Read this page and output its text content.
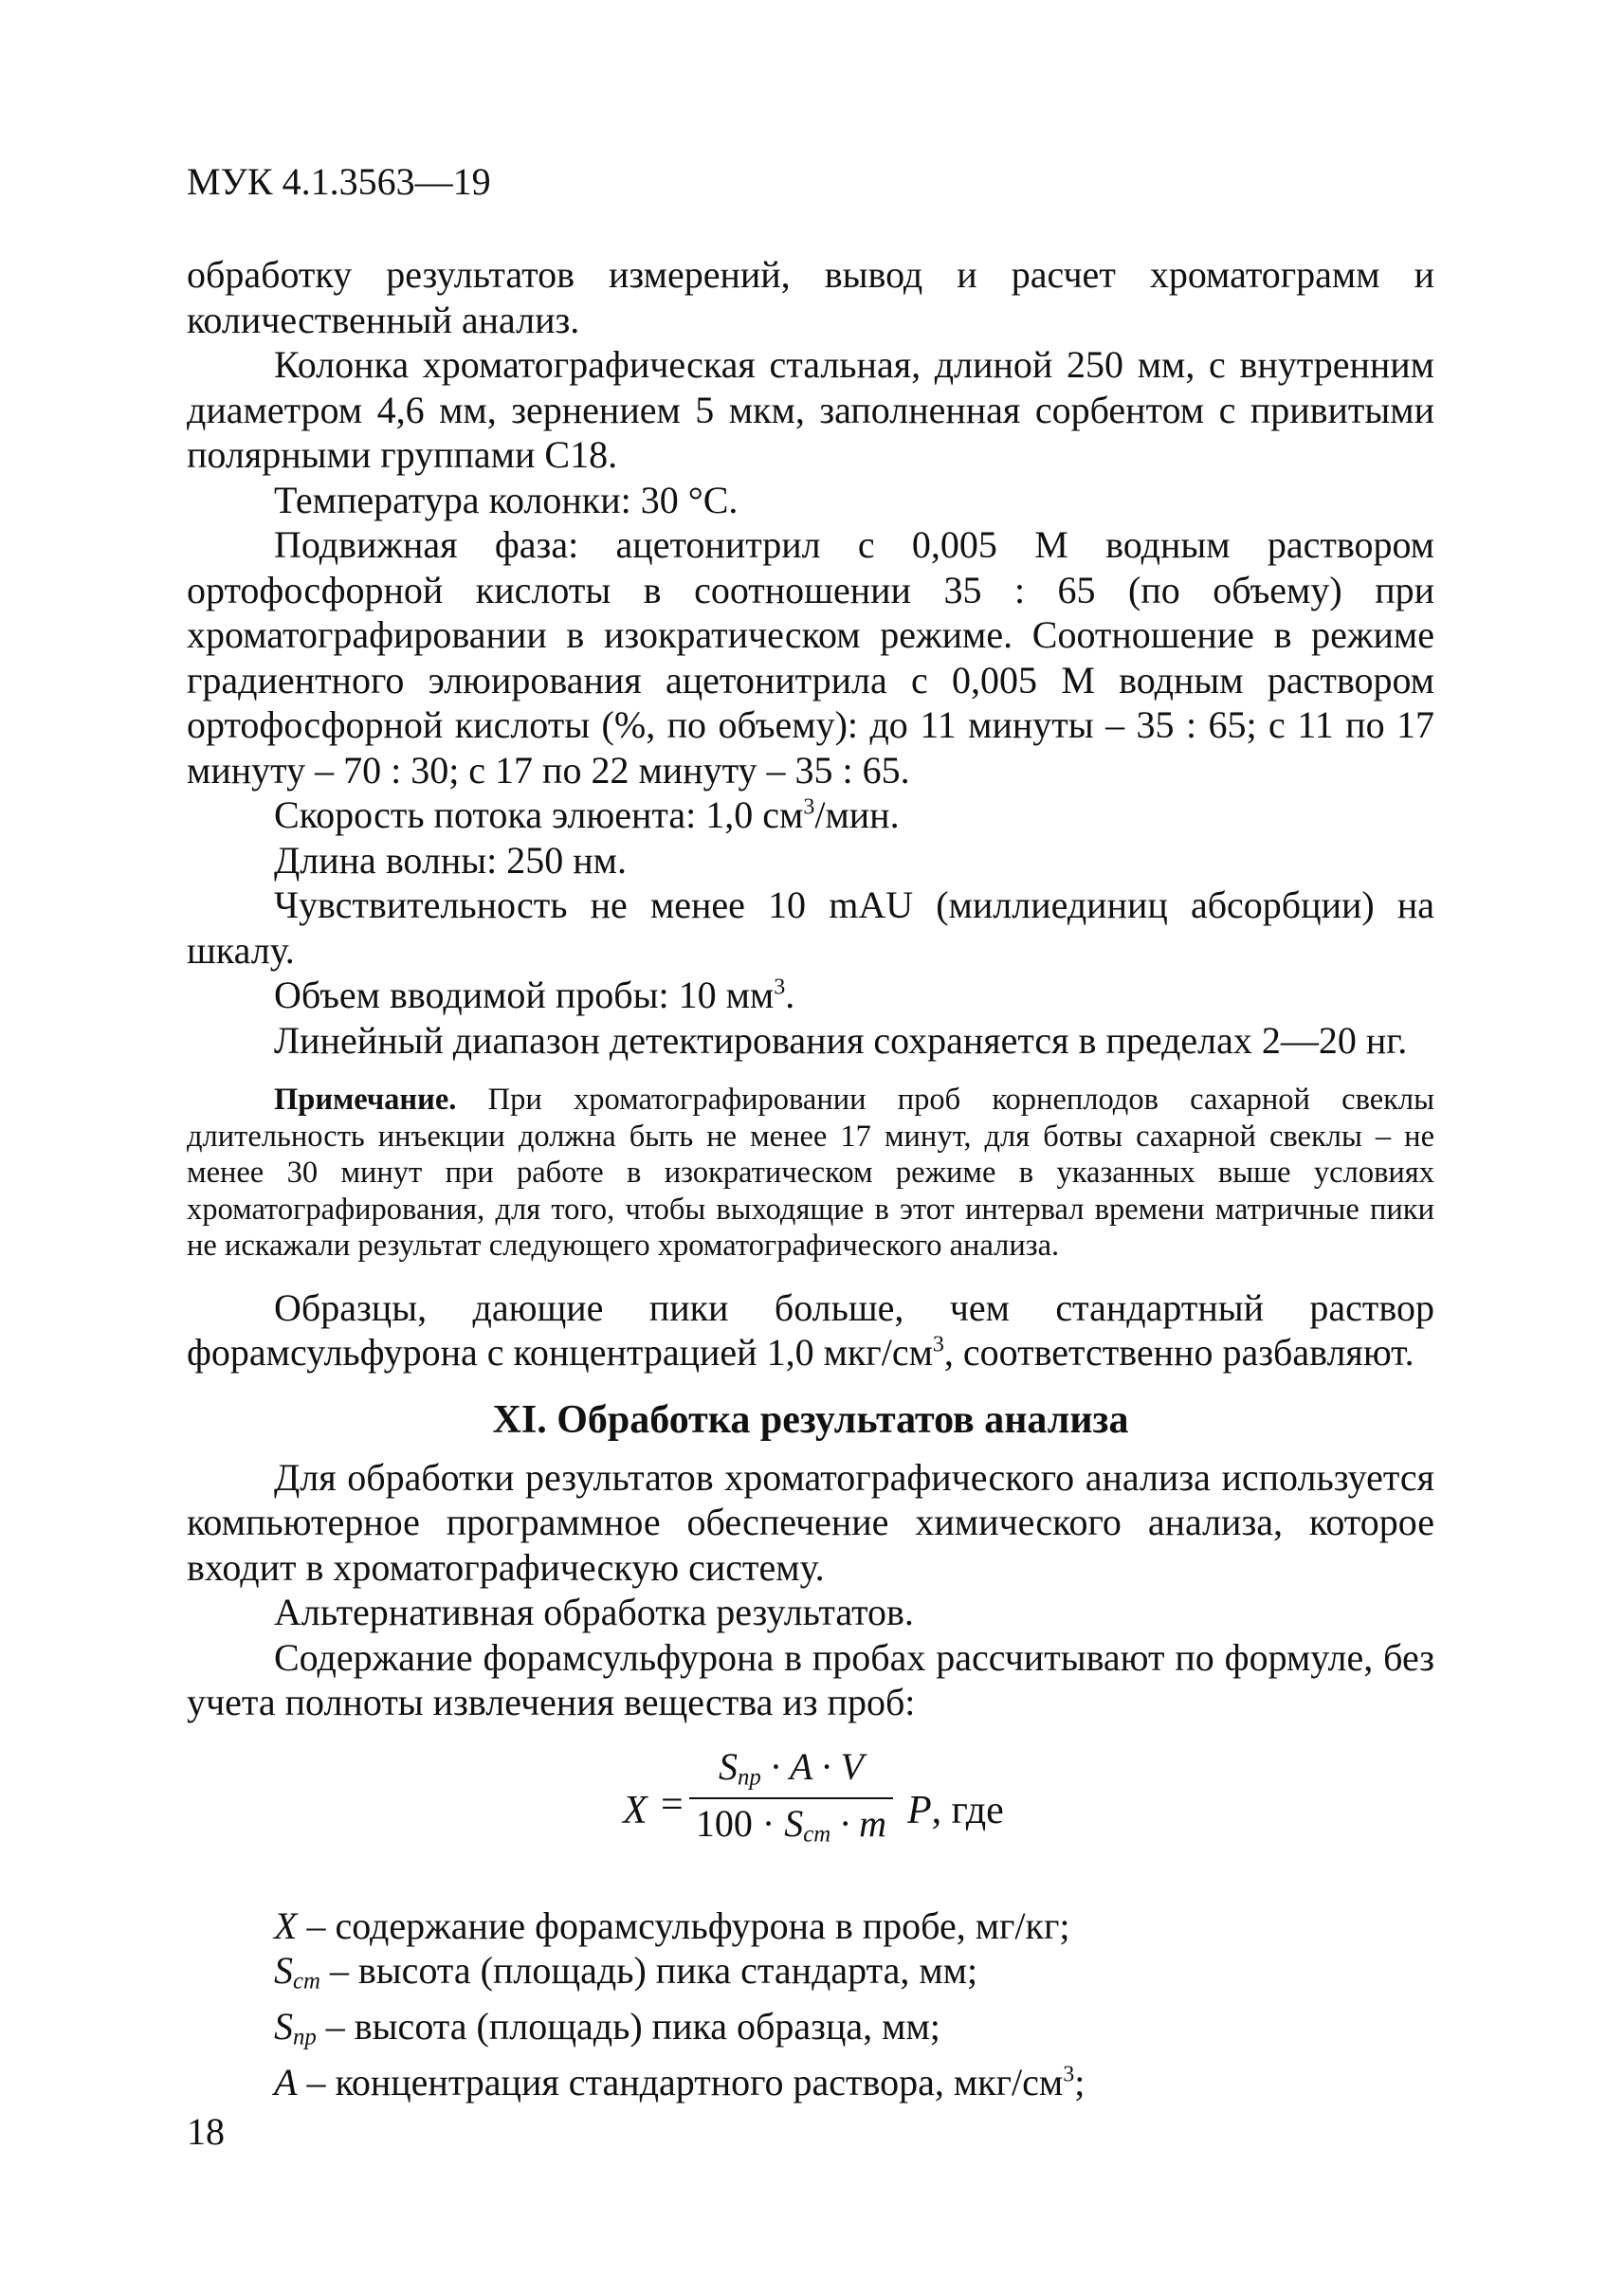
МУК 4.1.3563—19

обработку результатов измерений, вывод и расчет хроматограмм и количественный анализ.

Колонка хроматографическая стальная, длиной 250 мм, с внутренним диаметром 4,6 мм, зернением 5 мкм, заполненная сорбентом с привитыми полярными группами С18.

Температура колонки: 30 °С.

Подвижная фаза: ацетонитрил с 0,005 М водным раствором ортофосфорной кислоты в соотношении 35 : 65 (по объему) при хроматографировании в изократическом режиме. Соотношение в режиме градиентного элюирования ацетонитрила с 0,005 М водным раствором ортофосфорной кислоты (%, по объему): до 11 минуты – 35 : 65; с 11 по 17 минуту – 70 : 30; с 17 по 22 минуту – 35 : 65.

Скорость потока элюента: 1,0 $см^3$/мин.

Длина волны: 250 нм.

Чувствительность не менее 10 mAU (миллиединиц абсорбции) на шкалу.

Объем вводимой пробы: 10 $мм^3$.

Линейный диапазон детектирования сохраняется в пределах 2—20 нг.

Примечание. При хроматографировании проб корнеплодов сахарной свеклы длительность инъекции должна быть не менее 17 минут, для ботвы сахарной свеклы – не менее 30 минут при работе в изократическом режиме в указанных выше условиях хроматографирования, для того, чтобы выходящие в этот интервал времени матричные пики не искажали результат следующего хроматографического анализа.

Образцы, дающие пики больше, чем стандартный раствор форамсульфурона с концентрацией 1,0 мкг/$см^3$, соответственно разбавляют.

XI. Обработка результатов анализа

Для обработки результатов хроматографического анализа используется компьютерное программное обеспечение химического анализа, которое входит в хроматографическую систему.

Альтернативная обработка результатов.

Содержание форамсульфурона в пробах рассчитывают по формуле, без учета полноты извлечения вещества из проб:

X =
$S_{пр} \cdot A \cdot V$
$100 \cdot S_{ст} \cdot m$ P, где

X – содержание форамсульфурона в пробе, мг/кг;

$S_{ст}$ – высота (площадь) пика стандарта, мм;

$S_{пр}$ – высота (площадь) пика образца, мм;

A – концентрация стандартного раствора, мкг/$см^3$;

18
